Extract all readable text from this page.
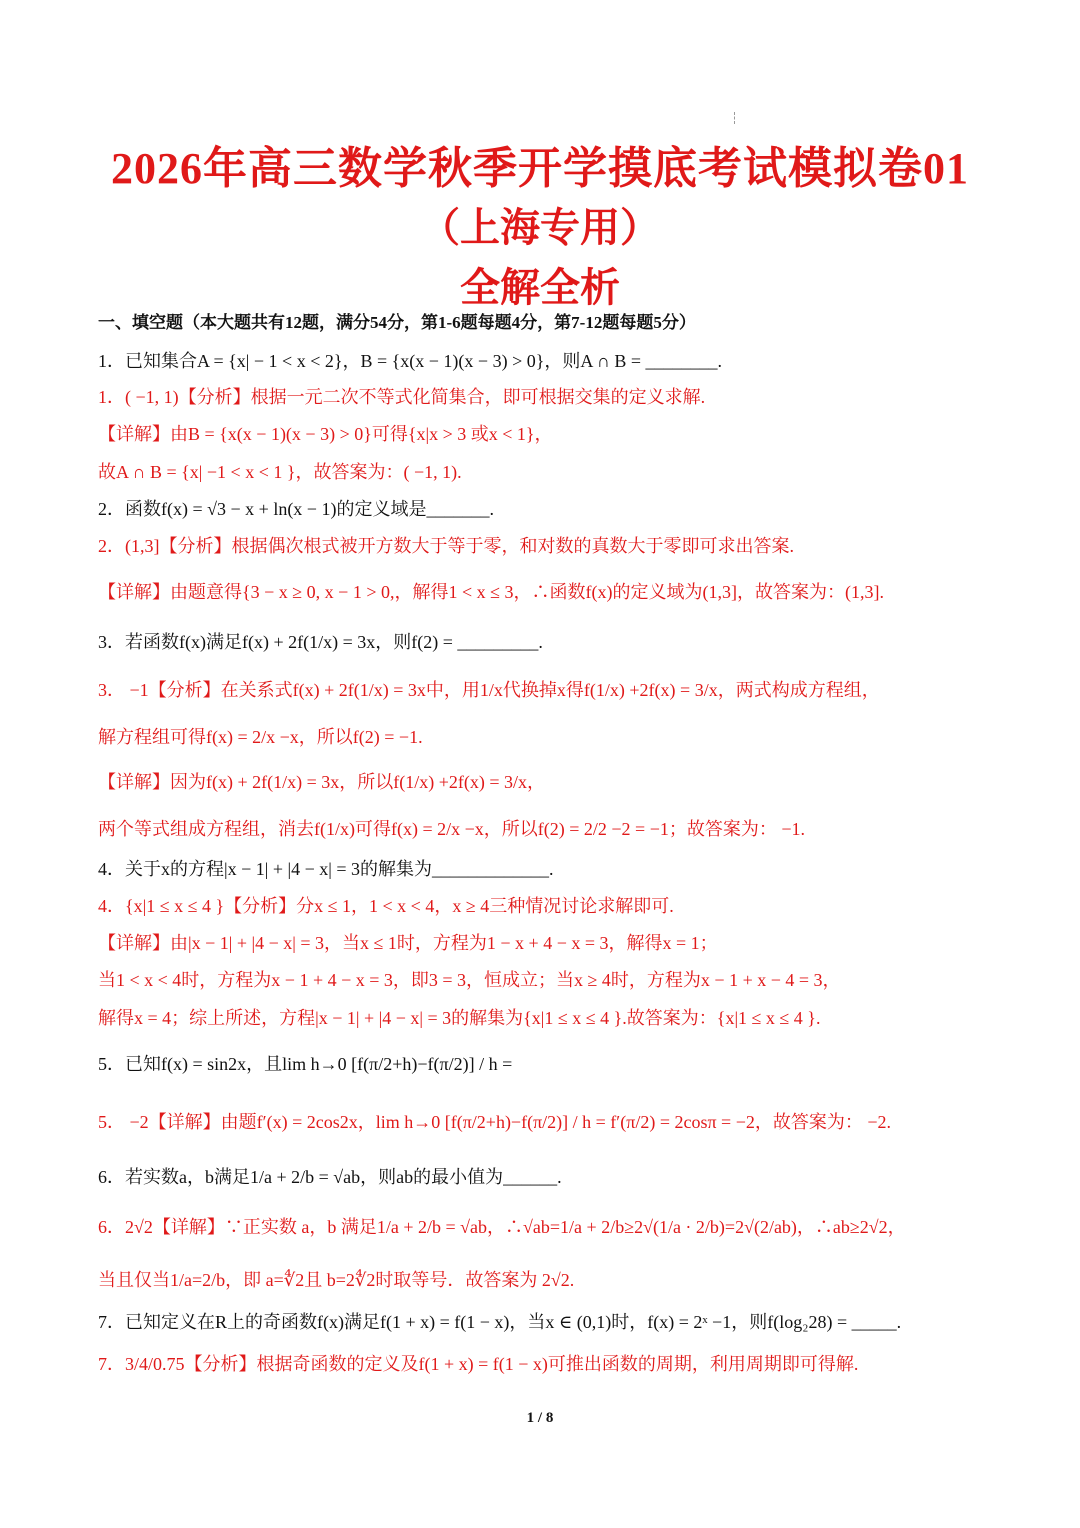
2026年高三数学秋季开学摸底考试模拟卷01
（上海专用）
全解全析
一、填空题（本大题共有12题，满分54分，第1-6题每题4分，第7-12题每题5分）
1．已知集合A = {x| − 1 < x < 2}，B = {x(x − 1)(x − 3) > 0}，则A ∩ B = ________.
1．( −1, 1)【分析】根据一元二次不等式化简集合，即可根据交集的定义求解.
【详解】由B = {x(x − 1)(x − 3) > 0}可得{x|x > 3 或x < 1}，
故A ∩ B = {x| −1 < x < 1 }，故答案为：( −1, 1).
2．函数f(x) = √3 − x + ln(x − 1)的定义域是_______.
2．(1,3]【分析】根据偶次根式被开方数大于等于零，和对数的真数大于零即可求出答案.
【详解】由题意得{3 − x ≥ 0, x − 1 > 0,，解得1 < x ≤ 3，∴函数f(x)的定义域为(1,3]，故答案为：(1,3].
3．若函数f(x)满足f(x) + 2f(1/x) = 3x，则f(2) = _________.
3． −1【分析】在关系式f(x) + 2f(1/x) = 3x中，用1/x代换掉x得f(1/x) +2f(x) = 3/x，两式构成方程组，
解方程组可得f(x) = 2/x −x，所以f(2) = −1.
【详解】因为f(x) + 2f(1/x) = 3x，所以f(1/x) +2f(x) = 3/x，
两个等式组成方程组，消去f(1/x)可得f(x) = 2/x −x，所以f(2) = 2/2 −2 = −1；故答案为： −1.
4．关于x的方程|x − 1| + |4 − x| = 3的解集为_____________.
4．{x|1 ≤ x ≤ 4 }【分析】分x ≤ 1，1 < x < 4，x ≥ 4三种情况讨论求解即可.
【详解】由|x − 1| + |4 − x| = 3，当x ≤ 1时，方程为1 − x + 4 − x = 3，解得x = 1；
当1 < x < 4时，方程为x − 1 + 4 − x = 3，即3 = 3，恒成立；当x ≥ 4时，方程为x − 1 + x − 4 = 3，
解得x = 4；综上所述，方程|x − 1| + |4 − x| = 3的解集为{x|1 ≤ x ≤ 4 }.故答案为：{x|1 ≤ x ≤ 4 }.
5．已知f(x) = sin2x，且lim h→0 [f(π/2+h)−f(π/2)] / h =
5． −2【详解】由题f′(x) = 2cos2x，lim h→0 [f(π/2+h)−f(π/2)] / h = f′(π/2) = 2cosπ = −2，故答案为： −2.
6．若实数a，b满足1/a + 2/b = √ab，则ab的最小值为______.
6．2√2【详解】∵正实数 a，b 满足1/a + 2/b = √ab，∴√ab=1/a + 2/b≥2√(1/a · 2/b)=2√(2/ab)，∴ab≥2√2，
当且仅当1/a=2/b，即 a=∜2且 b=2∜2时取等号．故答案为 2√2.
7．已知定义在R上的奇函数f(x)满足f(1 + x) = f(1 − x)，当x ∈ (0,1)时，f(x) = 2ˣ −1，则f(log₂28) = _____.
7．3/4/0.75【分析】根据奇函数的定义及f(1 + x) = f(1 − x)可推出函数的周期，利用周期即可得解.
1 / 8
